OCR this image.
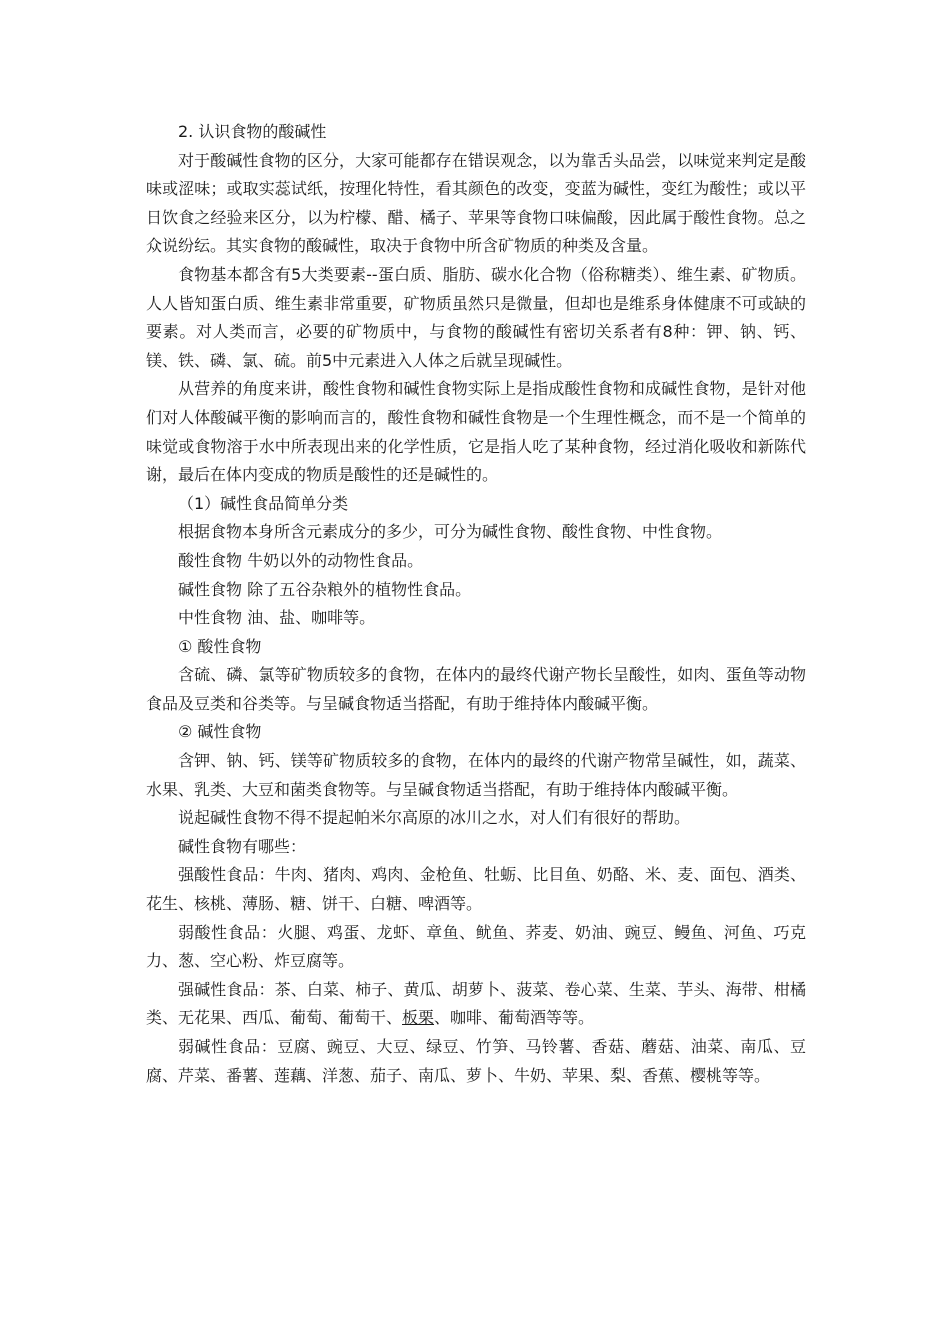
2. 认识食物的酸碱性

对于酸碱性食物的区分，大家可能都存在错误观念，以为靠舌头品尝，以味觉来判定是酸味或涩味；或取实蕊试纸，按理化特性，看其颜色的改变，变蓝为碱性，变红为酸性；或以平日饮食之经验来区分，以为柠檬、醋、橘子、苹果等食物口味偏酸，因此属于酸性食物。总之众说纷纭。其实食物的酸碱性，取决于食物中所含矿物质的种类及含量。

食物基本都含有5大类要素--蛋白质、脂肪、碳水化合物（俗称糖类）、维生素、矿物质。人人皆知蛋白质、维生素非常重要，矿物质虽然只是微量，但却也是维系身体健康不可或缺的要素。对人类而言，必要的矿物质中，与食物的酸碱性有密切关系者有8种：钾、钠、钙、镁、铁、磷、氯、硫。前5中元素进入人体之后就呈现碱性。

从营养的角度来讲，酸性食物和碱性食物实际上是指成酸性食物和成碱性食物，是针对他们对人体酸碱平衡的影响而言的，酸性食物和碱性食物是一个生理性概念，而不是一个简单的味觉或食物溶于水中所表现出来的化学性质，它是指人吃了某种食物，经过消化吸收和新陈代谢，最后在体内变成的物质是酸性的还是碱性的。

（1）碱性食品简单分类

根据食物本身所含元素成分的多少，可分为碱性食物、酸性食物、中性食物。

酸性食物 牛奶以外的动物性食品。

碱性食物 除了五谷杂粮外的植物性食品。

中性食物 油、盐、咖啡等。

① 酸性食物

含硫、磷、氯等矿物质较多的食物，在体内的最终代谢产物长呈酸性，如肉、蛋鱼等动物食品及豆类和谷类等。与呈碱食物适当搭配，有助于维持体内酸碱平衡。

② 碱性食物

含钾、钠、钙、镁等矿物质较多的食物，在体内的最终的代谢产物常呈碱性，如，蔬菜、水果、乳类、大豆和菌类食物等。与呈碱食物适当搭配，有助于维持体内酸碱平衡。

说起碱性食物不得不提起帕米尔高原的冰川之水，对人们有很好的帮助。

碱性食物有哪些：

强酸性食品：牛肉、猪肉、鸡肉、金枪鱼、牡蛎、比目鱼、奶酪、米、麦、面包、酒类、花生、核桃、薄肠、糖、饼干、白糖、啤酒等。

弱酸性食品：火腿、鸡蛋、龙虾、章鱼、鱿鱼、荞麦、奶油、豌豆、鳗鱼、河鱼、巧克力、葱、空心粉、炸豆腐等。

强碱性食品：茶、白菜、柿子、黄瓜、胡萝卜、菠菜、卷心菜、生菜、芋头、海带、柑橘类、无花果、西瓜、葡萄、葡萄干、板栗、咖啡、葡萄酒等等。

弱碱性食品：豆腐、豌豆、大豆、绿豆、竹笋、马铃薯、香菇、蘑菇、油菜、南瓜、豆腐、芹菜、番薯、莲藕、洋葱、茄子、南瓜、萝卜、牛奶、苹果、梨、香蕉、樱桃等等。
